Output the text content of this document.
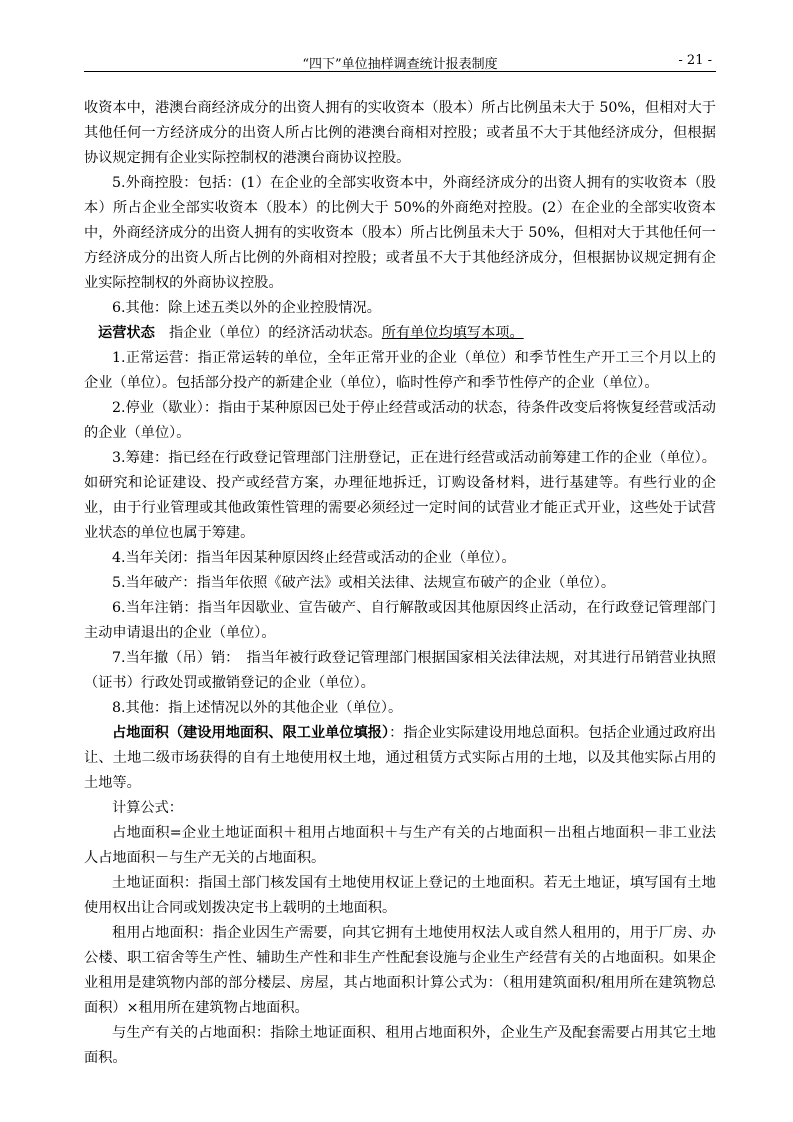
“四下”单位抽样调查统计报表制度	- 21 -

收资本中，港澳台商经济成分的出资人拥有的实收资本（股本）所占比例虽未大于 50%，但相对大于其他任何一方经济成分的出资人所占比例的港澳台商相对控股；或者虽不大于其他经济成分，但根据协议规定拥有企业实际控制权的港澳台商协议控股。

5.外商控股：包括：(1）在企业的全部实收资本中，外商经济成分的出资人拥有的实收资本（股本）所占企业全部实收资本（股本）的比例大于 50%的外商绝对控股。(2）在企业的全部实收资本中，外商经济成分的出资人拥有的实收资本（股本）所占比例虽未大于 50%，但相对大于其他任何一方经济成分的出资人所占比例的外商相对控股；或者虽不大于其他经济成分，但根据协议规定拥有企业实际控制权的外商协议控股。

6.其他：除上述五类以外的企业控股情况。

运营状态　 指企业（单位）的经济活动状态。所有单位均填写本项。

1.正常运营：指正常运转的单位，全年正常开业的企业（单位）和季节性生产开工三个月以上的企业（单位）。包括部分投产的新建企业（单位），临时性停产和季节性停产的企业（单位）。

2.停业（歇业）：指由于某种原因已处于停止经营或活动的状态，待条件改变后将恢复经营或活动的企业（单位）。

3.筹建：指已经在行政登记管理部门注册登记，正在进行经营或活动前筹建工作的企业（单位）。如研究和论证建设、投产或经营方案，办理征地拆迁，订购设备材料，进行基建等。有些行业的企业，由于行业管理或其他政策性管理的需要必须经过一定时间的试营业才能正式开业，这些处于试营业状态的单位也属于筹建。

4.当年关闭：指当年因某种原因终止经营或活动的企业（单位）。

5.当年破产：指当年依照《破产法》或相关法律、法规宣布破产的企业（单位）。

6.当年注销：指当年因歇业、宣告破产、自行解散或因其他原因终止活动，在行政登记管理部门主动申请退出的企业（单位）。

7.当年撤（吊）销：　指当年被行政登记管理部门根据国家相关法律法规，对其进行吊销营业执照（证书）行政处罚或撤销登记的企业（单位）。

8.其他：指上述情况以外的其他企业（单位）。

占地面积（建设用地面积、限工业单位填报）：指企业实际建设用地总面积。包括企业通过政府出让、土地二级市场获得的自有土地使用权土地，通过租赁方式实际占用的土地，以及其他实际占用的土地等。

计算公式：

占地面积=企业土地证面积＋租用占地面积＋与生产有关的占地面积－出租占地面积－非工业法人占地面积－与生产无关的占地面积。

土地证面积：指国土部门核发国有土地使用权证上登记的土地面积。若无土地证，填写国有土地使用权出让合同或划拨决定书上载明的土地面积。

租用占地面积：指企业因生产需要，向其它拥有土地使用权法人或自然人租用的，用于厂房、办公楼、职工宿舍等生产性、辅助生产性和非生产性配套设施与企业生产经营有关的占地面积。如果企业租用是建筑物内部的部分楼层、房屋，其占地面积计算公式为：（租用建筑面积/租用所在建筑物总面积）×租用所在建筑物占地面积。

与生产有关的占地面积：指除土地证面积、租用占地面积外，企业生产及配套需要占用其它土地面积。
